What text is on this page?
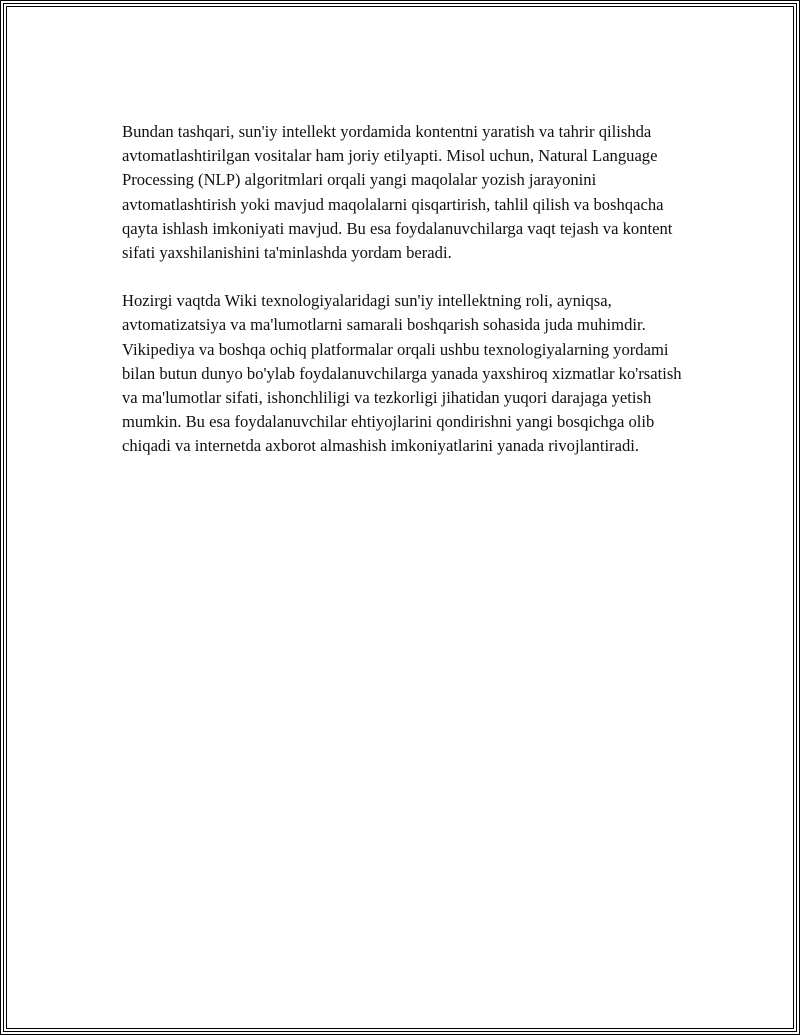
Bundan tashqari, sun'iy intellekt yordamida kontentni yaratish va tahrir qilishda avtomatlashtirilgan vositalar ham joriy etilyapti. Misol uchun, Natural Language Processing (NLP) algoritmlari orqali yangi maqolalar yozish jarayonini avtomatlashtirish yoki mavjud maqolalarni qisqartirish, tahlil qilish va boshqacha qayta ishlash imkoniyati mavjud. Bu esa foydalanuvchilarga vaqt tejash va kontent sifati yaxshilanishini ta'minlashda yordam beradi.

Hozirgi vaqtda Wiki texnologiyalaridagi sun'iy intellektning roli, ayniqsa, avtomatizatsiya va ma'lumotlarni samarali boshqarish sohasida juda muhimdir. Vikipediya va boshqa ochiq platformalar orqali ushbu texnologiyalarning yordami bilan butun dunyo bo'ylab foydalanuvchilarga yanada yaxshiroq xizmatlar ko'rsatish va ma'lumotlar sifati, ishonchliligi va tezkorligi jihatidan yuqori darajaga yetish mumkin. Bu esa foydalanuvchilar ehtiyojlarini qondirishni yangi bosqichga olib chiqadi va internetda axborot almashish imkoniyatlarini yanada rivojlantiradi.
